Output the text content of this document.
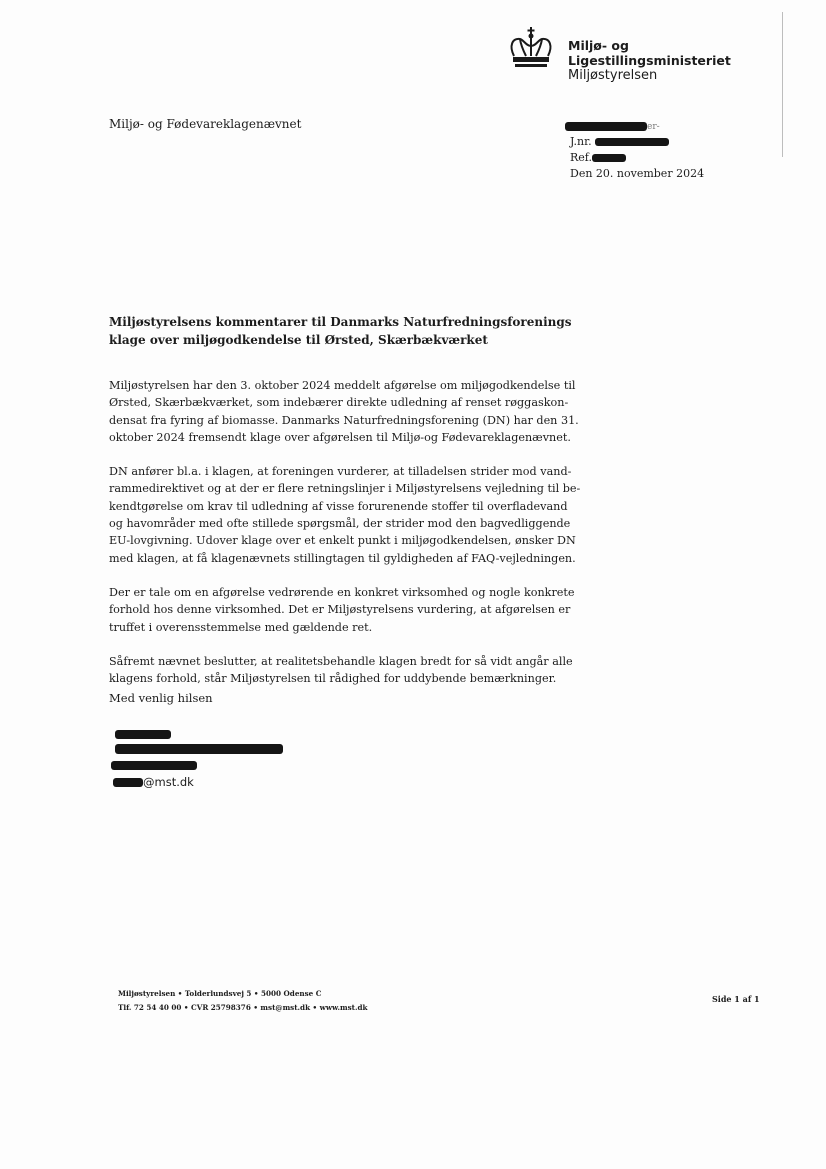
Miljø- og
Ligestillingsministeriet
Miljøstyrelsen
Miljø- og Fødevareklagenævnet	er-
J.nr.
Ref.
Den 20. november 2024
Miljøstyrelsens kommentarer til Danmarks Naturfredningsforenings
klage over miljøgodkendelse til Ørsted, Skærbækværket

Miljøstyrelsen har den 3. oktober 2024 meddelt afgørelse om miljøgodkendelse til
Ørsted, Skærbækværket, som indebærer direkte udledning af renset røggaskon-
densat fra fyring af biomasse. Danmarks Naturfredningsforening (DN) har den 31.
oktober 2024 fremsendt klage over afgørelsen til Miljø-og Fødevareklagenævnet.

DN anfører bl.a. i klagen, at foreningen vurderer, at tilladelsen strider mod vand-
rammedirektivet og at der er flere retningslinjer i Miljøstyrelsens vejledning til be-
kendtgørelse om krav til udledning af visse forurenende stoffer til overfladevand
og havområder med ofte stillede spørgsmål, der strider mod den bagvedliggende
EU-lovgivning. Udover klage over et enkelt punkt i miljøgodkendelsen, ønsker DN
med klagen, at få klagenævnets stillingtagen til gyldigheden af FAQ-vejledningen.

Der er tale om en afgørelse vedrørende en konkret virksomhed og nogle konkrete
forhold hos denne virksomhed. Det er Miljøstyrelsens vurdering, at afgørelsen er
truffet i overensstemmelse med gældende ret.

Såfremt nævnet beslutter, at realitetsbehandle klagen bredt for så vidt angår alle
klagens forhold, står Miljøstyrelsen til rådighed for uddybende bemærkninger.

Med venlig hilsen
@mst.dk
Miljøstyrelsen • Tolderlundsvej 5 • 5000 Odense C
Tlf. 72 54 40 00 • CVR 25798376 • mst@mst.dk • www.mst.dk
Side 1 af 1
